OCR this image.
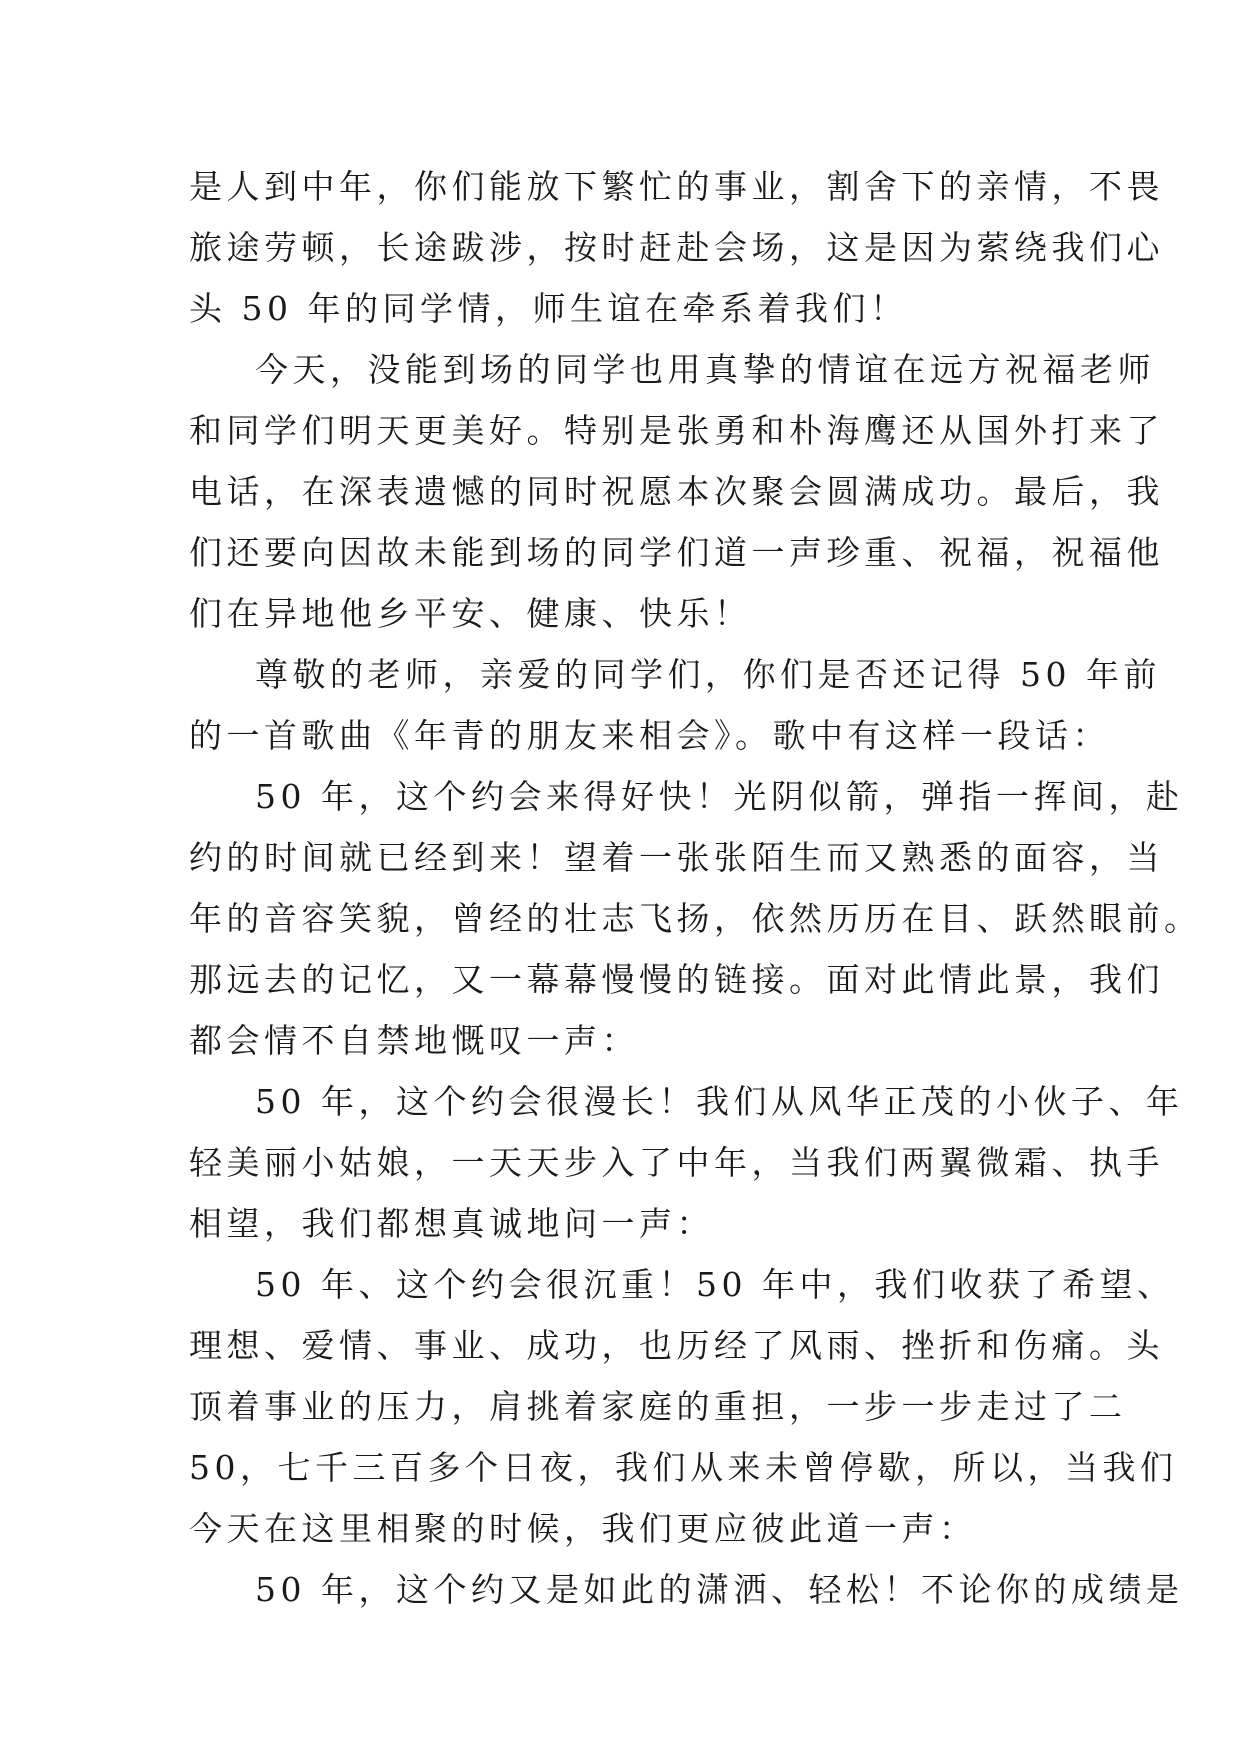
是人到中年，你们能放下繁忙的事业，割舍下的亲情，不畏
旅途劳顿，长途跋涉，按时赶赴会场，这是因为萦绕我们心
头 50 年的同学情，师生谊在牵系着我们！
今天，没能到场的同学也用真挚的情谊在远方祝福老师
和同学们明天更美好。特别是张勇和朴海鹰还从国外打来了
电话，在深表遗憾的同时祝愿本次聚会圆满成功。最后，我
们还要向因故未能到场的同学们道一声珍重、祝福，祝福他
们在异地他乡平安、健康、快乐！
尊敬的老师，亲爱的同学们，你们是否还记得 50 年前
的一首歌曲《年青的朋友来相会》。歌中有这样一段话：
50 年，这个约会来得好快！光阴似箭，弹指一挥间，赴
约的时间就已经到来！望着一张张陌生而又熟悉的面容，当
年的音容笑貌，曾经的壮志飞扬，依然历历在目、跃然眼前。
那远去的记忆，又一幕幕慢慢的链接。面对此情此景，我们
都会情不自禁地慨叹一声：
50 年，这个约会很漫长！我们从风华正茂的小伙子、年
轻美丽小姑娘，一天天步入了中年，当我们两翼微霜、执手
相望，我们都想真诚地问一声：
50 年、这个约会很沉重！50 年中，我们收获了希望、
理想、爱情、事业、成功，也历经了风雨、挫折和伤痛。头
顶着事业的压力，肩挑着家庭的重担，一步一步走过了二
50，七千三百多个日夜，我们从来未曾停歇，所以，当我们
今天在这里相聚的时候，我们更应彼此道一声：
50 年，这个约又是如此的潇洒、轻松！不论你的成绩是
